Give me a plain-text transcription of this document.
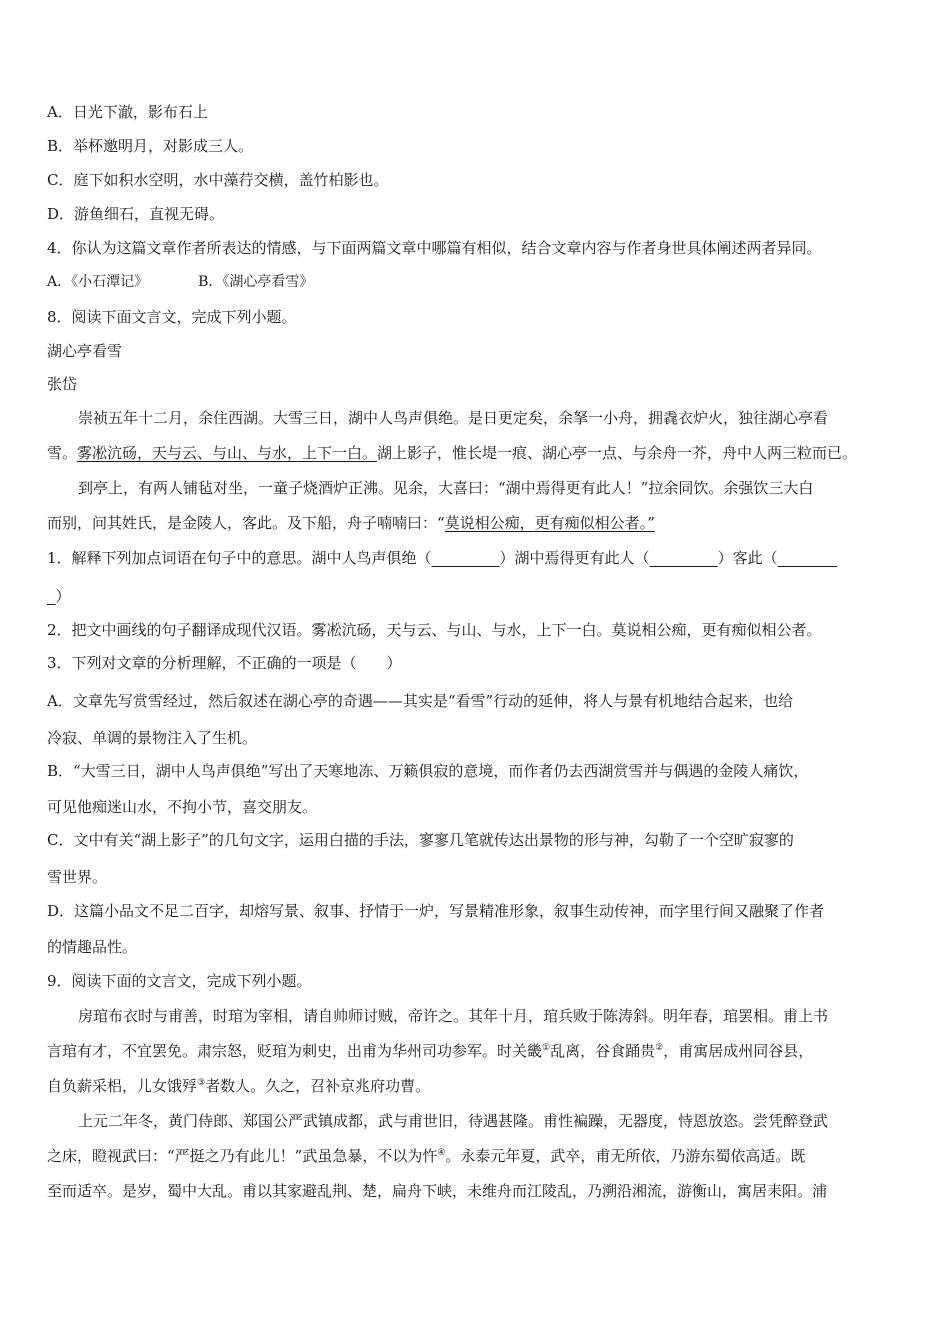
A．日光下澈，影布石上
B．举杯邀明月，对影成三人。
C．庭下如积水空明，水中藻荇交横，盖竹柏影也。
D．游鱼细石，直视无碍。
4．你认为这篇文章作者所表达的情感，与下面两篇文章中哪篇有相似，结合文章内容与作者身世具体阐述两者异同。
A．《小石潭记》	B．《湖心亭看雪》
8．阅读下面文言文，完成下列小题。
湖心亭看雪
张岱
崇祯五年十二月，余住西湖。大雪三日，湖中人鸟声俱绝。是日更定矣，余拏一小舟，拥毳衣炉火，独往湖心亭看
雪。雾凇沆砀，天与云、与山、与水，上下一白。湖上影子，惟长堤一痕、湖心亭一点、与余舟一芥，舟中人两三粒而已。
到亭上，有两人铺毡对坐，一童子烧酒炉正沸。见余，大喜曰：“湖中焉得更有此人！”拉余同饮。余强饮三大白
而别，问其姓氏，是金陵人，客此。及下船，舟子喃喃曰：“莫说相公痴，更有痴似相公者。”
1．解释下列加点词语在句子中的意思。湖中人鸟声俱绝（________）湖中焉得更有此人（________）客此（_______
_）
2．把文中画线的句子翻译成现代汉语。雾凇沆砀，天与云、与山、与水，上下一白。莫说相公痴，更有痴似相公者。
3．下列对文章的分析理解，不正确的一项是（　　）
A．文章先写赏雪经过，然后叙述在湖心亭的奇遇——其实是“看雪”行动的延伸，将人与景有机地结合起来，也给
冷寂、单调的景物注入了生机。
B．“大雪三日，湖中人鸟声俱绝”写出了天寒地冻、万籁俱寂的意境，而作者仍去西湖赏雪并与偶遇的金陵人痛饮，
可见他痴迷山水，不拘小节，喜交朋友。
C．文中有关“湖上影子”的几句文字，运用白描的手法，寥寥几笔就传达出景物的形与神，勾勒了一个空旷寂寥的
雪世界。
D．这篇小品文不足二百字，却熔写景、叙事、抒情于一炉，写景精准形象，叙事生动传神，而字里行间又融聚了作者
的情趣品性。
9．阅读下面的文言文，完成下列小题。
房琯布衣时与甫善，时琯为宰相，请自帅师讨贼，帝许之。其年十月，琯兵败于陈涛斜。明年春，琯罢相。甫上书
言琯有才，不宜罢免。肃宗怒，贬琯为刺史，出甫为华州司功参军。时关畿①乱离，谷食踊贵②，甫寓居成州同谷县，
自负薪采梠，儿女饿殍③者数人。久之，召补京兆府功曹。
上元二年冬，黄门侍郎、郑国公严武镇成都，武与甫世旧，待遇甚隆。甫性褊躁，无器度，恃恩放恣。尝凭醉登武
之床，瞪视武曰：“严挺之乃有此儿！”武虽急暴，不以为忤④。永泰元年夏，武卒，甫无所依，乃游东蜀依高适。既
至而适卒。是岁，蜀中大乱。甫以其家避乱荆、楚，扁舟下峡，未维舟而江陵乱，乃溯沿湘流，游衡山，寓居耒阳。浦
